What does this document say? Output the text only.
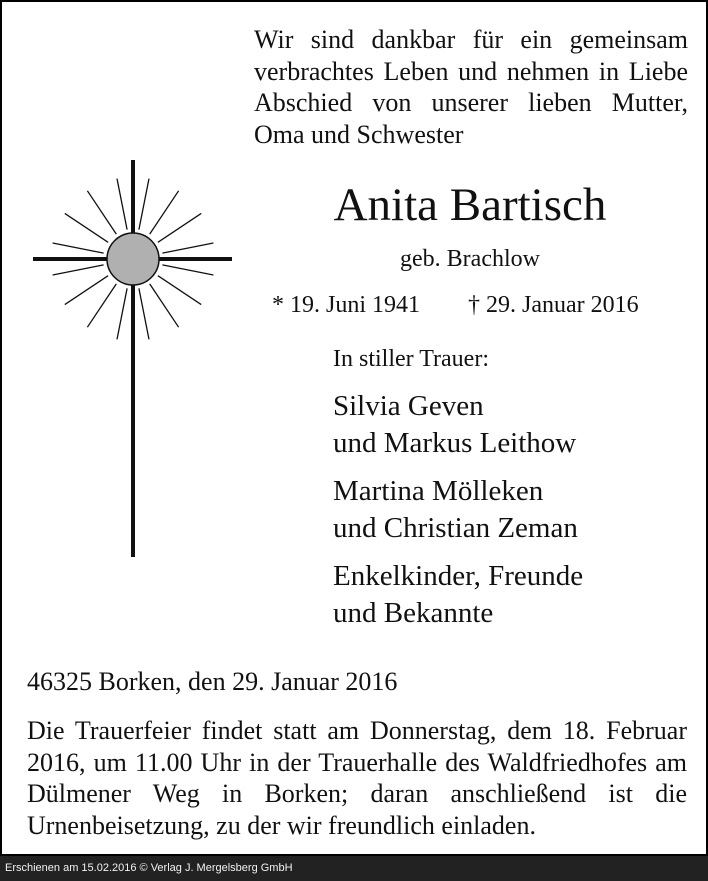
Wir sind dankbar für ein gemeinsam verbrachtes Leben und nehmen in Liebe Abschied von unserer lieben Mutter, Oma und Schwester

Anita Bartisch
geb. Brachlow
* 19. Juni 1941 † 29. Januar 2016
In stiller Trauer:
Silvia Geven
und Markus Leithow
Martina Mölleken
und Christian Zeman
Enkelkinder, Freunde
und Bekannte
46325 Borken, den 29. Januar 2016

Die Trauerfeier findet statt am Donnerstag, dem 18. Februar 2016, um 11.00 Uhr in der Trauerhalle des Waldfriedhofes am Dülmener Weg in Borken; daran anschließend ist die Urnenbeisetzung, zu der wir freundlich einladen.

Erschienen am 15.02.2016 © Verlag J. Mergelsberg GmbH
